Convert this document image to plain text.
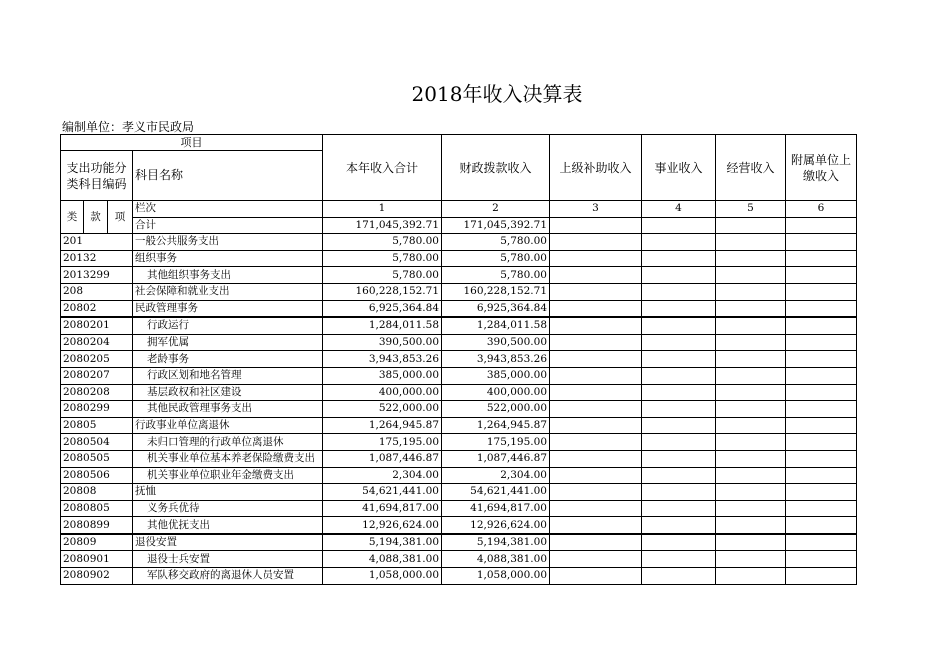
2018年收入决算表
编制单位：孝义市民政局
项目				本年收入合计	财政拨款收入	上级补助收入	事业收入	经营收入	附属单位上缴收入
支出功能分类科目编码			科目名称						
类	款	项	栏次	1	2	3	4	5	6
			合计	171,045,392.71	171,045,392.71				
201			一般公共服务支出	5,780.00	5,780.00				
20132			组织事务	5,780.00	5,780.00				
2013299			其他组织事务支出	5,780.00	5,780.00				
208			社会保障和就业支出	160,228,152.71	160,228,152.71				
20802			民政管理事务	6,925,364.84	6,925,364.84				
2080201			行政运行	1,284,011.58	1,284,011.58				
2080204			拥军优属	390,500.00	390,500.00				
2080205			老龄事务	3,943,853.26	3,943,853.26				
2080207			行政区划和地名管理	385,000.00	385,000.00				
2080208			基层政权和社区建设	400,000.00	400,000.00				
2080299			其他民政管理事务支出	522,000.00	522,000.00				
20805			行政事业单位离退休	1,264,945.87	1,264,945.87				
2080504			未归口管理的行政单位离退休	175,195.00	175,195.00				
2080505			机关事业单位基本养老保险缴费支出	1,087,446.87	1,087,446.87				
2080506			机关事业单位职业年金缴费支出	2,304.00	2,304.00				
20808			抚恤	54,621,441.00	54,621,441.00				
2080805			义务兵优待	41,694,817.00	41,694,817.00				
2080899			其他优抚支出	12,926,624.00	12,926,624.00				
20809			退役安置	5,194,381.00	5,194,381.00				
2080901			退役士兵安置	4,088,381.00	4,088,381.00				
2080902			军队移交政府的离退休人员安置	1,058,000.00	1,058,000.00				
